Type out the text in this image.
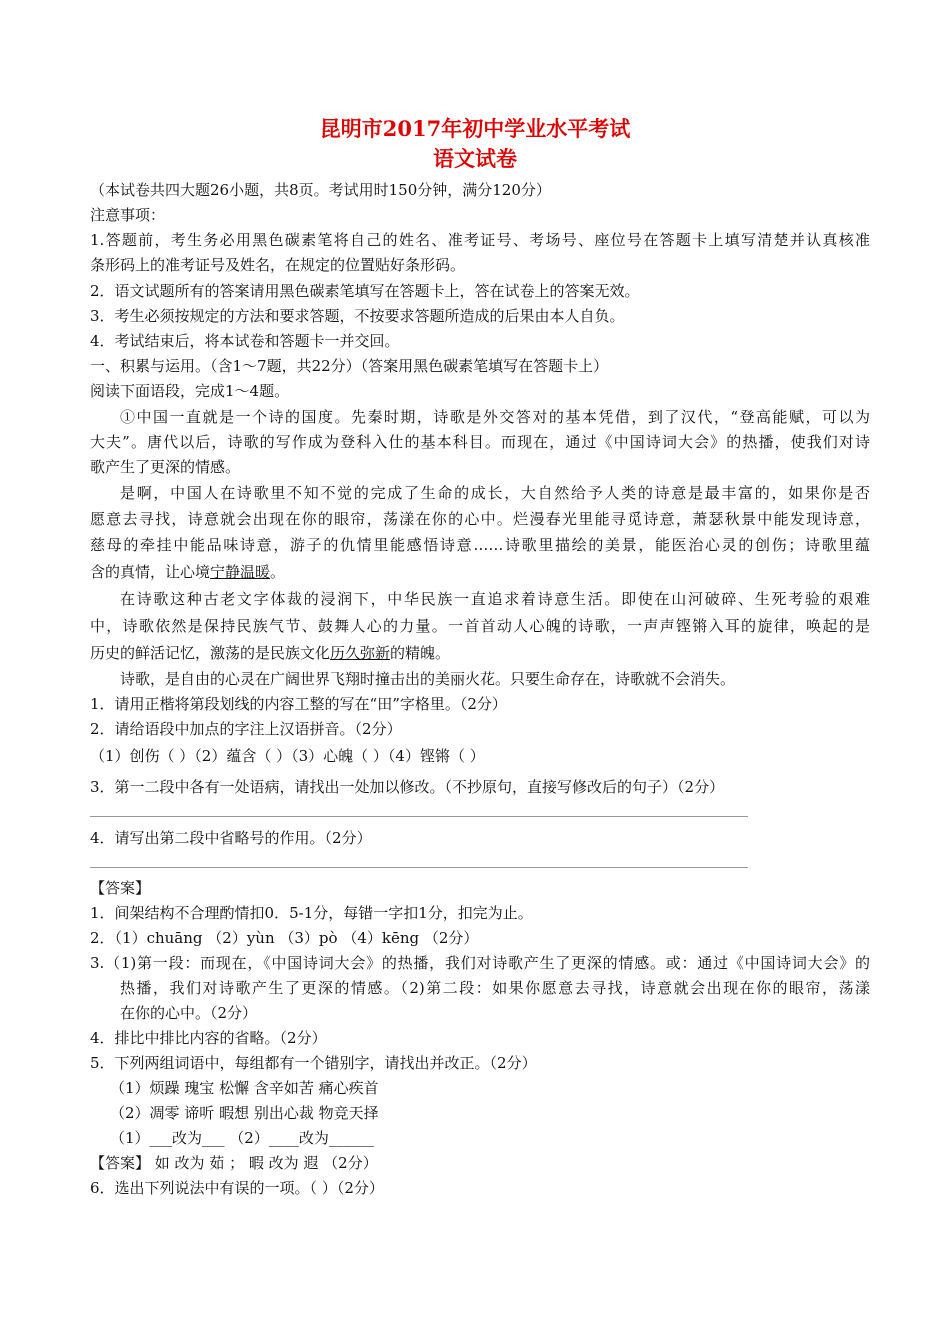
昆明市2017年初中学业水平考试
语文试卷
（本试卷共四大题26小题，共8页。考试用时150分钟，满分120分）
注意事项：
1.答题前，考生务必用黑色碳素笔将自己的姓名、准考证号、考场号、座位号在答题卡上填写清楚并认真核准
条形码上的准考证号及姓名，在规定的位置贴好条形码。
2．语文试题所有的答案请用黑色碳素笔填写在答题卡上，答在试卷上的答案无效。
3．考生必须按规定的方法和要求答题，不按要求答题所造成的后果由本人自负。
4．考试结束后，将本试卷和答题卡一并交回。
一、积累与运用。（含1～7题，共22分）（答案用黑色碳素笔填写在答题卡上）
阅读下面语段，完成1～4题。
①中国一直就是一个诗的国度。先秦时期，诗歌是外交答对的基本凭借，到了汉代，“登高能赋，可以为
大夫”。唐代以后，诗歌的写作成为登科入仕的基本科目。而现在，通过《中国诗词大会》的热播，使我们对诗
歌产生了更深的情感。
是啊，中国人在诗歌里不知不觉的完成了生命的成长，大自然给予人类的诗意是最丰富的，如果你是否
愿意去寻找，诗意就会出现在你的眼帘，荡漾在你的心中。烂漫春光里能寻觅诗意，萧瑟秋景中能发现诗意，
慈母的牵挂中能品味诗意，游子的仇情里能感悟诗意……诗歌里描绘的美景，能医治心灵的创伤；诗歌里蕴
含的真情，让心境宁静温暖。
在诗歌这种古老文字体裁的浸润下，中华民族一直追求着诗意生活。即使在山河破碎、生死考验的艰难
中，诗歌依然是保持民族气节、鼓舞人心的力量。一首首动人心魄的诗歌，一声声铿锵入耳的旋律，唤起的是
历史的鲜活记忆，激荡的是民族文化历久弥新的精魄。
诗歌，是自由的心灵在广阔世界飞翔时撞击出的美丽火花。只要生命存在，诗歌就不会消失。
1．请用正楷将第段划线的内容工整的写在“田”字格里。（2分）
2．请给语段中加点的字注上汉语拼音。（2分）
（1）创伤（ ）（2）蕴含（ ）（3）心魄（ ）（4）铿锵（ ）
3．第一二段中各有一处语病，请找出一处加以修改。（不抄原句，直接写修改后的句子）（2分）
4．请写出第二段中省略号的作用。（2分）
【答案】
1．间架结构不合理酌情扣0．5-1分，每错一字扣1分，扣完为止。
2．（1）chuāng （2）yùn （3）pò （4）kēng （2分）
3.（1)第一段：而现在，《中国诗词大会》的热播，我们对诗歌产生了更深的情感。或：通过《中国诗词大会》的
热播，我们对诗歌产生了更深的情感。（2)第二段：如果你愿意去寻找，诗意就会出现在你的眼帘，荡漾
在你的心中。（2分）
4．排比中排比内容的省略。（2分）
5．下列两组词语中，每组都有一个错别字，请找出并改正。（2分）
（1）烦躁 瑰宝 松懈 含辛如苦 痛心疾首
（2）凋零 谛听 暇想 别出心裁 物竞天择
（1）___改为___ （2）____改为______
【答案】 如 改为 茹 ； 暇 改为 遐 （2分）
6．选出下列说法中有误的一项。（ ）（2分）
